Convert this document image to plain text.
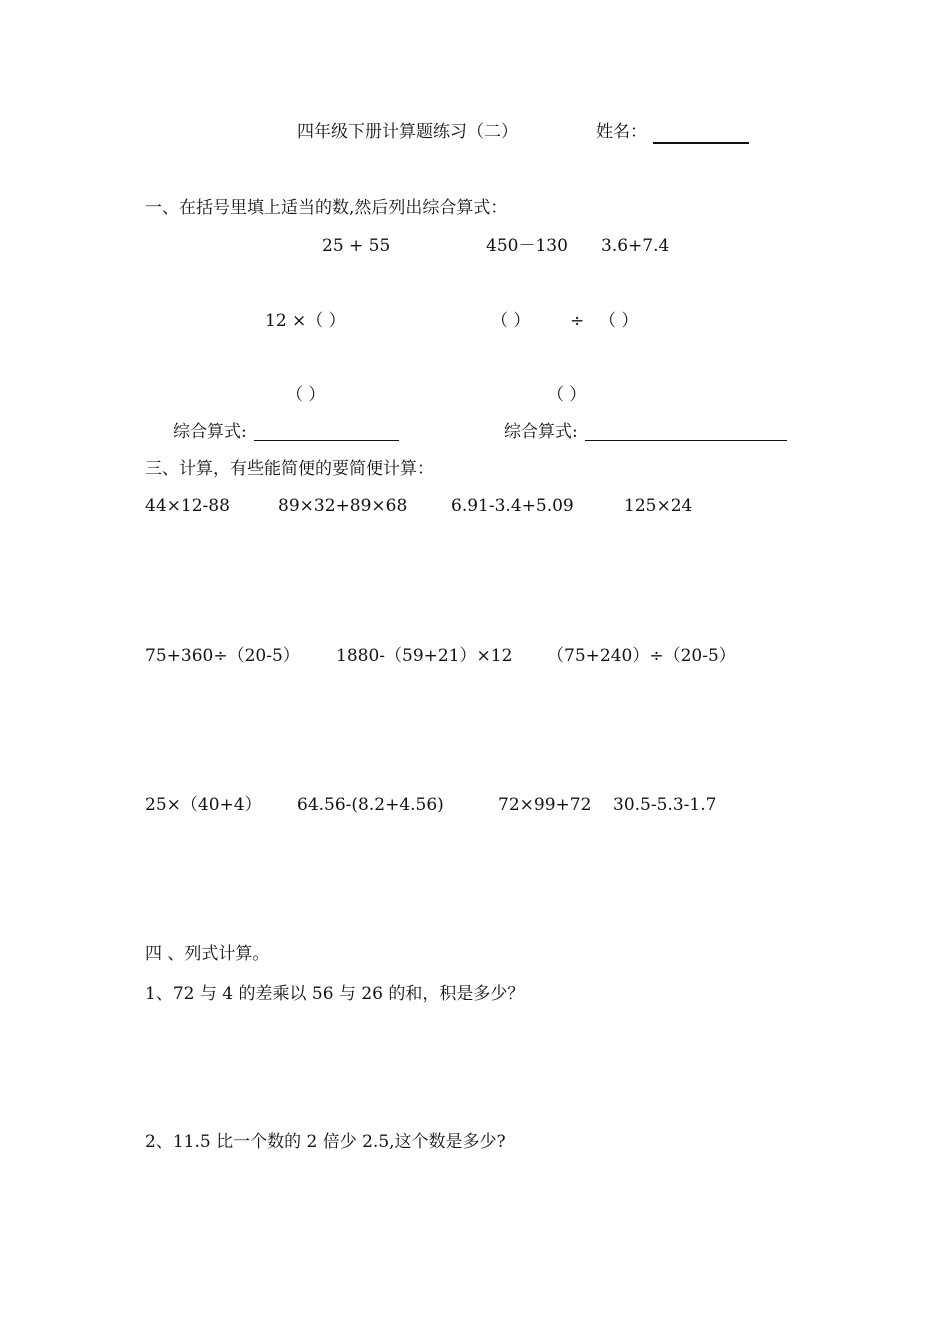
四年级下册计算题练习（二）	姓名：
一、在括号里填上适当的数,然后列出综合算式：
25 + 55	450－130 3.6+7.4
12 ×（ ）	（ ） ÷ （ ）
（ ）	（ ）
综合算式:	综合算式:
三、计算，有些能简便的要简便计算：
44×12-88	89×32+89×68	6.91-3.4+5.09	125×24
75+360÷（20-5） 1880-（59+21）×12 （75+240）÷（20-5）
25×（40+4） 64.56-(8.2+4.56)	72×99+72 30.5-5.3-1.7
四 、列式计算。
1、72 与 4 的差乘以 56 与 26 的和，积是多少？
2、11.5 比一个数的 2 倍少 2.5,这个数是多少?
